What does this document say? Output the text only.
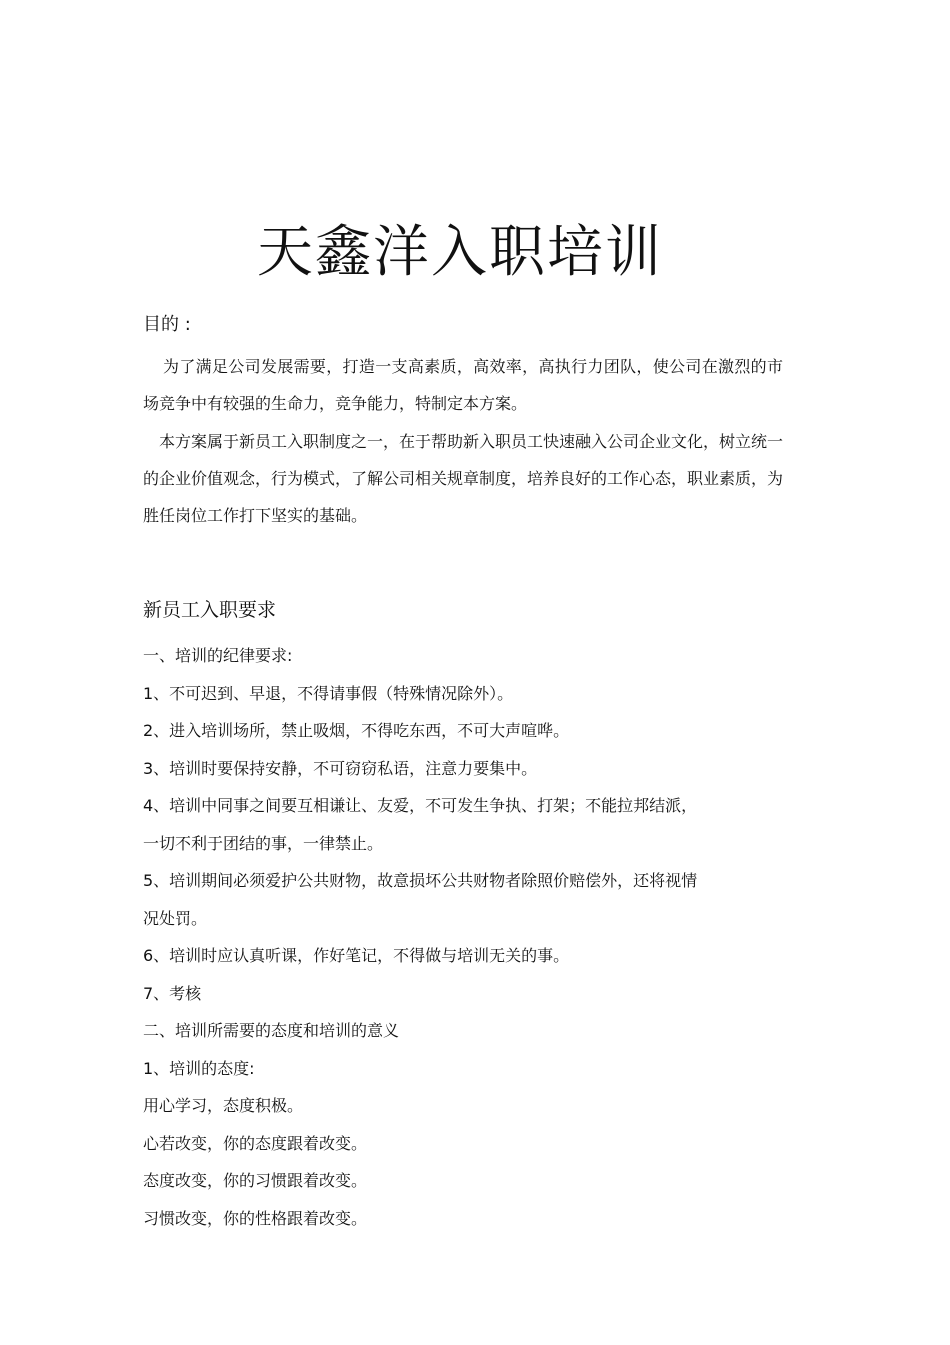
天鑫洋入职培训
目的 :

为了满足公司发展需要，打造一支高素质，高效率，高执行力团队，使公司在激烈的市场竞争中有较强的生命力，竞争能力，特制定本方案。

本方案属于新员工入职制度之一，在于帮助新入职员工快速融入公司企业文化，树立统一的企业价值观念，行为模式，了解公司相关规章制度，培养良好的工作心态，职业素质，为胜任岗位工作打下坚实的基础。

新员工入职要求
一、培训的纪律要求:
1、不可迟到、早退，不得请事假（特殊情况除外）。
2、进入培训场所，禁止吸烟，不得吃东西，不可大声喧哗。
3、培训时要保持安静，不可窃窃私语，注意力要集中。
4、培训中同事之间要互相谦让、友爱，不可发生争执、打架；不能拉邦结派，
一切不利于团结的事，一律禁止。
5、培训期间必须爱护公共财物，故意损坏公共财物者除照价赔偿外，还将视情
况处罚。
6、培训时应认真听课，作好笔记，不得做与培训无关的事。
7、考核
二、培训所需要的态度和培训的意义
1、培训的态度:
用心学习，态度积极。
心若改变，你的态度跟着改变。
态度改变，你的习惯跟着改变。
习惯改变，你的性格跟着改变。
